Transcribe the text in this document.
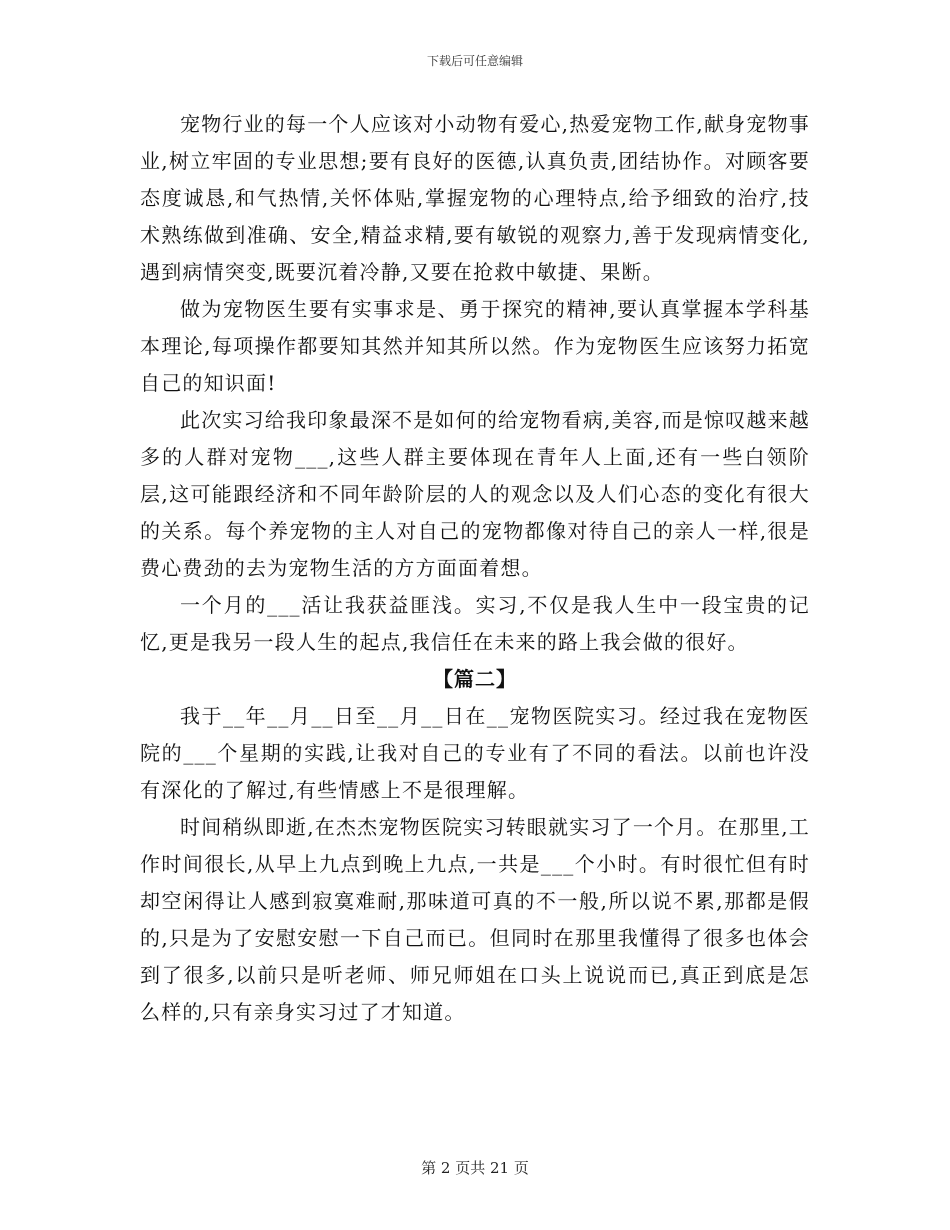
下载后可任意编辑

宠物行业的每一个人应该对小动物有爱心,热爱宠物工作,献身宠物事业,树立牢固的专业思想;要有良好的医德,认真负责,团结协作。对顾客要态度诚恳,和气热情,关怀体贴,掌握宠物的心理特点,给予细致的治疗,技术熟练做到准确、安全,精益求精,要有敏锐的观察力,善于发现病情变化,遇到病情突变,既要沉着冷静,又要在抢救中敏捷、果断。

做为宠物医生要有实事求是、勇于探究的精神,要认真掌握本学科基本理论,每项操作都要知其然并知其所以然。作为宠物医生应该努力拓宽自己的知识面!

此次实习给我印象最深不是如何的给宠物看病,美容,而是惊叹越来越多的人群对宠物___,这些人群主要体现在青年人上面,还有一些白领阶层,这可能跟经济和不同年龄阶层的人的观念以及人们心态的变化有很大的关系。每个养宠物的主人对自己的宠物都像对待自己的亲人一样,很是费心费劲的去为宠物生活的方方面面着想。

一个月的___活让我获益匪浅。实习,不仅是我人生中一段宝贵的记忆,更是我另一段人生的起点,我信任在未来的路上我会做的很好。

【篇二】

我于__年__月__日至__月__日在__宠物医院实习。经过我在宠物医院的___个星期的实践,让我对自己的专业有了不同的看法。以前也许没有深化的了解过,有些情感上不是很理解。

时间稍纵即逝,在杰杰宠物医院实习转眼就实习了一个月。在那里,工作时间很长,从早上九点到晚上九点,一共是___个小时。有时很忙但有时却空闲得让人感到寂寞难耐,那味道可真的不一般,所以说不累,那都是假的,只是为了安慰安慰一下自己而已。但同时在那里我懂得了很多也体会到了很多,以前只是听老师、师兄师姐在口头上说说而已,真正到底是怎么样的,只有亲身实习过了才知道。

第 2 页共 21 页
